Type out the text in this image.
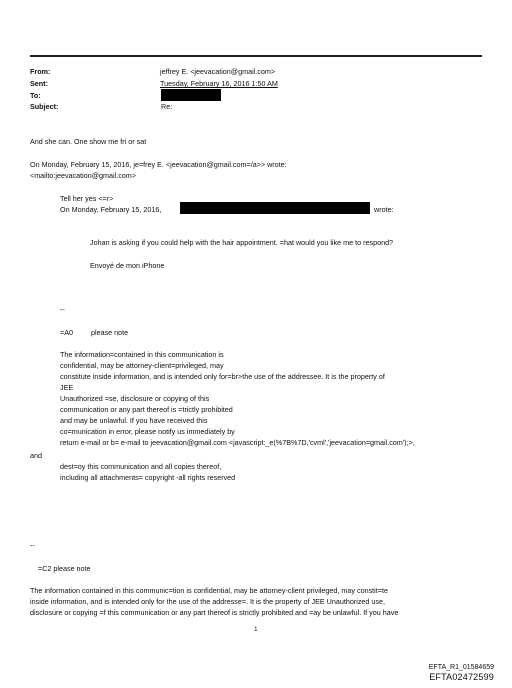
From:
Sent:
To:
Subject:
jeffrey E. <jeevacation@gmail.com>
Tuesday, February 16, 2016 1:50 AM
Re:
And she can. One show me fri or sat
On Monday, February 15, 2016, je=frey E. <jeevacation@gmail.com=/a>> wrote:
<mailto:jeevacation@gmail.com>
Tell her yes <=r>
On Monday, February 15, 2016,	wrote:
Johan is asking if you could help with the hair appointment. =hat would you like me to respond?
Envoyé de mon iPhone
--
=A0	please note
The information=contained in this communication is
confidential, may be attorney-client=privileged, may
constitute inside information, and is intended only for=br>the use of the addressee. It is the property of
JEE
Unauthorized =se, disclosure or copying of this
communication or any part thereof is =trictly prohibited
and may be unlawful. If you have received this
co=munication in error, please notify us immediately by
return e-mail or b= e-mail to jeevacation@gmail.com <javascript:_e(%7B%7D,'cvml','jeevacation=gmail.com');>,
and
dest=oy this communication and all copies thereof,
including all attachments= copyright -all rights reserved
--
=C2 please note
The information contained in this communic=tion is confidential, may be attorney-client privileged, may constit=te
inside information, and is intended only for the use of the addresse=. It is the property of JEE Unauthorized use,
disclosure or copying =f this communication or any part thereof is strictly prohibited and =ay be unlawful. If you have
1
EFTA_R1_01584659
EFTA02472599
